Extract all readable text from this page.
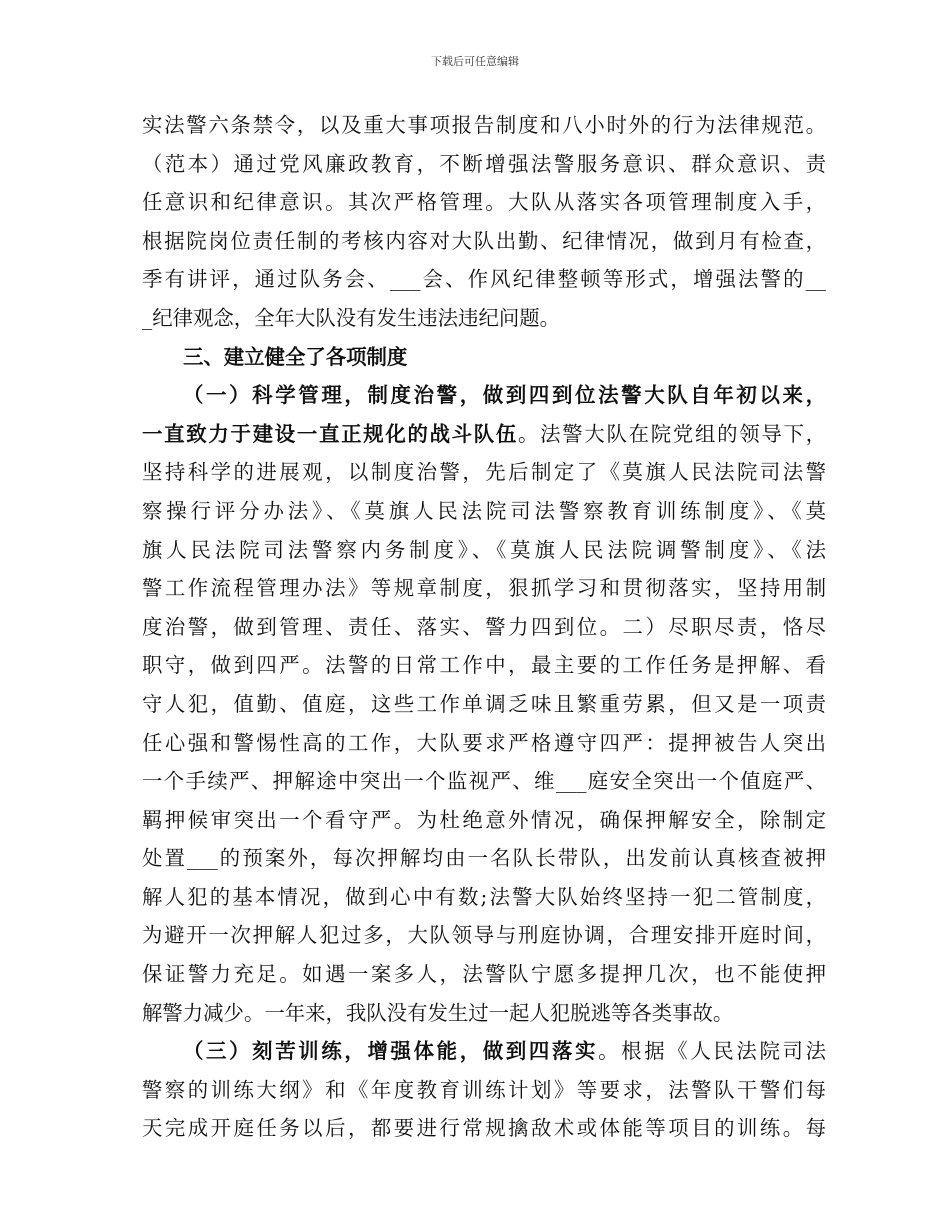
下载后可任意编辑
实法警六条禁令，以及重大事项报告制度和八小时外的行为法律规范。
（范本）通过党风廉政教育，不断增强法警服务意识、群众意识、责
任意识和纪律意识。其次严格管理。大队从落实各项管理制度入手，
根据院岗位责任制的考核内容对大队出勤、纪律情况，做到月有检查，
季有讲评，通过队务会、___会、作风纪律整顿等形式，增强法警的__
_纪律观念，全年大队没有发生违法违纪问题。
三、建立健全了各项制度
（一）科学管理，制度治警，做到四到位法警大队自年初以来，
一直致力于建设一直正规化的战斗队伍。法警大队在院党组的领导下，
坚持科学的进展观，以制度治警，先后制定了《莫旗人民法院司法警
察操行评分办法》、《莫旗人民法院司法警察教育训练制度》、《莫
旗人民法院司法警察内务制度》、《莫旗人民法院调警制度》、《法
警工作流程管理办法》等规章制度，狠抓学习和贯彻落实，坚持用制
度治警，做到管理、责任、落实、警力四到位。二）尽职尽责，恪尽
职守，做到四严。法警的日常工作中，最主要的工作任务是押解、看
守人犯，值勤、值庭，这些工作单调乏味且繁重劳累，但又是一项责
任心强和警惕性高的工作，大队要求严格遵守四严：提押被告人突出
一个手续严、押解途中突出一个监视严、维___庭安全突出一个值庭严、
羁押候审突出一个看守严。为杜绝意外情况，确保押解安全，除制定
处置___的预案外，每次押解均由一名队长带队，出发前认真核查被押
解人犯的基本情况，做到心中有数;法警大队始终坚持一犯二管制度，
为避开一次押解人犯过多，大队领导与刑庭协调，合理安排开庭时间，
保证警力充足。如遇一案多人，法警队宁愿多提押几次，也不能使押
解警力减少。一年来，我队没有发生过一起人犯脱逃等各类事故。
（三）刻苦训练，增强体能，做到四落实。根据《人民法院司法
警察的训练大纲》和《年度教育训练计划》等要求，法警队干警们每
天完成开庭任务以后，都要进行常规擒敌术或体能等项目的训练。每
